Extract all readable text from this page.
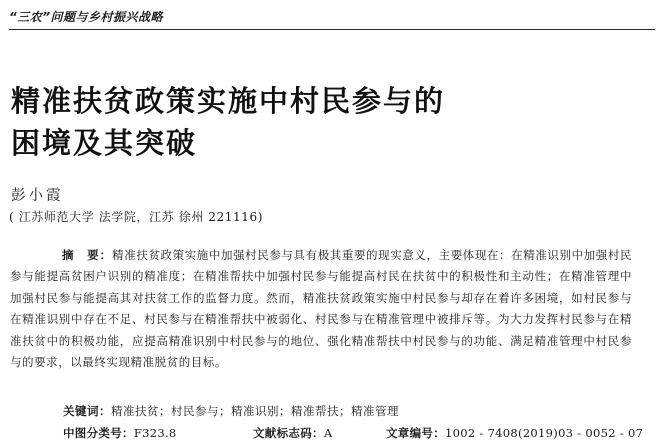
“三农”问题与乡村振兴战略
精准扶贫政策实施中村民参与的
困境及其突破
彭小霞
( 江苏师范大学 法学院，江苏 徐州 221116)
摘　要：精准扶贫政策实施中加强村民参与具有极其重要的现实意义，主要体现在：在精准识别中加强村民参与能提高贫困户识别的精准度；在精准帮扶中加强村民参与能提高村民在扶贫中的积极性和主动性；在精准管理中加强村民参与能提高其对扶贫工作的监督力度。然而，精准扶贫政策实施中村民参与却存在着许多困境，如村民参与在精准识别中存在不足、村民参与在精准帮扶中被弱化、村民参与在精准管理中被排斥等。为大力发挥村民参与在精准扶贫中的积极功能，应提高精准识别中村民参与的地位、强化精准帮扶中村民参与的功能、满足精准管理中村民参与的要求，以最终实现精准脱贫的目标。
关键词：精准扶贫；村民参与；精准识别；精准帮扶；精准管理
中图分类号：F323.8	文献标志码：A	文章编号：1002 - 7408(2019)03 - 0052 - 07
